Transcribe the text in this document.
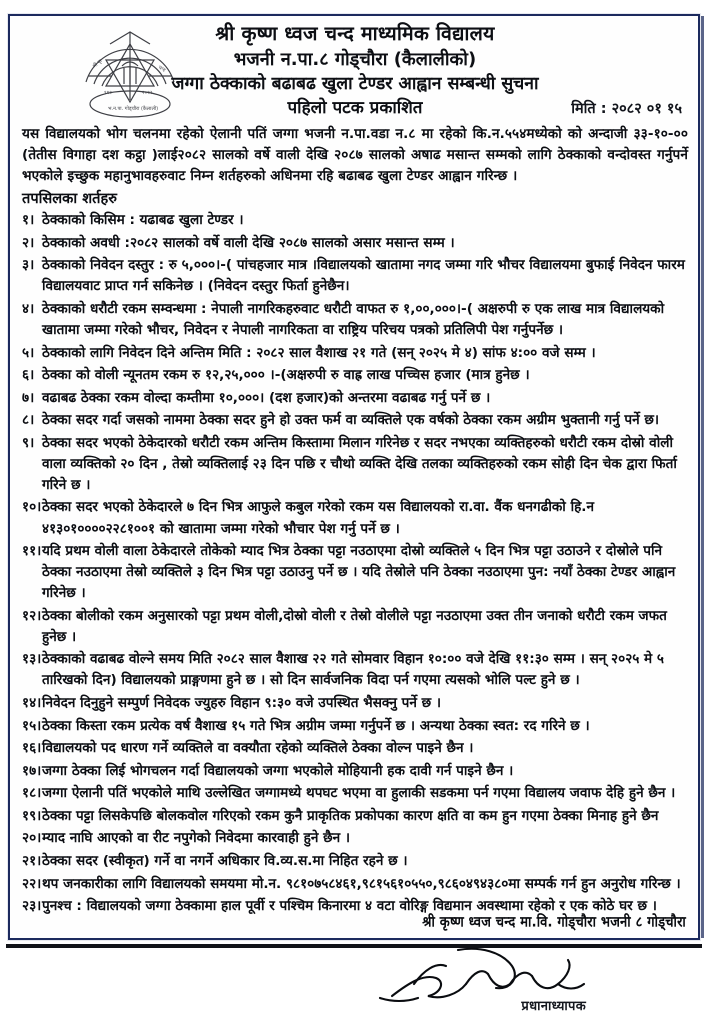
श्री कृ	चन्द
१९१	२०१२
भ.न.पा. गोड्चौरा (कैलाली)
श्री कृष्ण ध्वज चन्द माध्यमिक विद्यालय
भजनी न.पा.८ गोड्चौरा (कैलालीको)
जग्गा ठेक्काको बढाबढ खुला टेण्डर आह्वान सम्बन्धी सुचना
पहिलो पटक प्रकाशित	मिति : २०८२ ०१ १५

यस विद्यालयको भोग चलनमा रहेको ऐलानी पतिं जग्गा भजनी न.पा.वडा न.८ मा रहेको कि.न.५५४मध्येको को अन्दाजी ३३-१०-०० (तेतीस विगाहा दश कट्ठा )लाई२०८२ सालको वर्षे वाली देखि २०८७ सालको अषाढ मसान्त सम्मको लागि ठेक्काको वन्दोवस्त गर्नुपर्ने भएकोले इच्छुक महानुभावहरुवाट निम्न शर्तहरुको अधिनमा रहि बढाबढ खुला टेण्डर आह्वान गरिन्छ ।

तपसिलका शर्तहरु
१। ठेक्काको किसिम : यढाबढ खुला टेण्डर ।
२। ठेक्काको अवधी :२०८२ सालको वर्षे वाली देखि २०८७ सालको असार मसान्त सम्म ।
३। ठेक्काको निवेदन दस्तुर : रु ५,०००।-( पांचहजार मात्र ।विद्यालयको खातामा नगद जम्मा गरि भौचर विद्यालयमा बुफाई निवेदन फारम विद्यालयवाट प्राप्त गर्न सकिनेछ । (निवेदन दस्तुर फिर्ता हुनेछैन।
४। ठेक्काको धरौटी रकम सम्वन्धमा : नेपाली नागरिकहरुवाट धरौटी वाफत रु १,००,०००।-( अक्षरुपी रु एक लाख मात्र विद्यालयको खातामा जम्मा गरेको भौचर, निवेदन र नेपाली नागरिकता वा राष्ट्रिय परिचय पत्रको प्रतिलिपी पेश गर्नुपर्नेछ ।
५। ठेक्काको लागि निवेदन दिने अन्तिम मिति : २०८२ साल वैशाख २१ गते (सन् २०२५ मे ४) सांफ ४:०० वजे सम्म ।
६। ठेक्का को वोली न्यूनतम रकम रु १२,२५,००० ।-(अक्षरुपी रु वाह्र लाख पच्चिस हजार (मात्र हुनेछ ।
७। वढाबढ ठेक्का रकम वोल्दा कम्तीमा १०,०००। (दश हजार)को अन्तरमा वढाबढ गर्नु पर्ने छ ।
८। ठेक्का सदर गर्दा जसको नाममा ठेक्का सदर हुने हो उक्त फर्म वा व्यक्तिले एक वर्षको ठेक्का रकम अग्रीम भुक्तानी गर्नु पर्ने छ।
९। ठेक्का सदर भएको ठेकेदारको धरौटी रकम अन्तिम किस्तामा मिलान गरिनेछ र सदर नभएका व्यक्तिहरुको धरौटी रकम दोस्रो वोली वाला व्यक्तिको २० दिन , तेस्रो व्यक्तिलाई २३ दिन पछि र चौथो व्यक्ति देखि तलका व्यक्तिहरुको रकम सोही दिन चेक द्वारा फिर्ता गरिने छ ।
१०। ठेक्का सदर भएको ठेकेदारले ७ दिन भित्र आफुले कबुल गरेको रकम यस विद्यालयको रा.वा. वैंक धनगढीको हि.न ४१३०१००००२२८१००१ को खातामा जम्मा गरेको भौचार पेश गर्नु पर्ने छ ।
११। यदि प्रथम वोली वाला ठेकेदारले तोकेको म्याद भित्र ठेक्का पट्टा नउठाएमा दोस्रो व्यक्तिले ५ दिन भित्र पट्टा उठाउने र दोस्रोले पनि ठेक्का नउठाएमा तेस्रो व्यक्तिले ३ दिन भित्र पट्टा उठाउनु पर्ने छ । यदि तेस्रोले पनि ठेक्का नउठाएमा पुन: नयाँ ठेक्का टेण्डर आह्वान गरिनेछ ।
१२। ठेक्का बोलीको रकम अनुसारको पट्टा प्रथम वोली,दोस्रो वोली र तेस्रो वोलीले पट्टा नउठाएमा उक्त तीन जनाको धरौटी रकम जफत हुनेछ ।
१३। ठेक्काको वढाबढ वोल्ने समय मिति २०८२ साल वैशाख २२ गते सोमवार विहान १०:०० वजे देखि ११:३० सम्म । सन् २०२५ मे ५ तारिखको दिन) विद्यालयको प्राङ्गणमा हुने छ । सो दिन सार्वजनिक विदा पर्न गएमा त्यसको भोलि पल्ट हुने छ ।
१४। निवेदन दिनुहुने सम्पुर्ण निवेदक ज्युहरु विहान ९:३० वजे उपस्थित भैसक्नु पर्ने छ ।
१५। ठेक्का किस्ता रकम प्रत्येक वर्ष वैशाख १५ गते भित्र अग्रीम जम्मा गर्नुपर्ने छ । अन्यथा ठेक्का स्वत: रद गरिने छ ।
१६। विद्यालयको पद धारण गर्ने व्यक्तिले वा वक्यौता रहेको व्यक्तिले ठेक्का वोल्न पाइने छैन ।
१७। जग्गा ठेक्का लिई भोगचलन गर्दा विद्यालयको जग्गा भएकोले मोहियानी हक दावी गर्न पाइने छैन ।
१८। जग्गा ऐलानी पतिं भएकोले माथि उल्लेखित जग्गामध्ये थपघट भएमा वा हुलाकी सडकमा पर्न गएमा विद्यालय जवाफ देहि हुने छैन ।
१९। ठेक्का पट्टा लिसकेपछि बोलकवोल गरिएको रकम कुनै प्राकृतिक प्रकोपका कारण क्षति वा कम हुन गएमा ठेक्का मिनाह हुने छैन
२०। म्याद नाघि आएको वा रीट नपुगेको निवेदमा कारवाही हुने छैन ।
२१। ठेक्का सदर (स्वीकृत) गर्ने वा नगर्ने अधिकार वि.व्य.स.मा निहित रहने छ ।
२२। थप जनकारीका लागि विद्यालयको समयमा मो.न. ९८१०७५८४६१,९८१५६१०५५०,९८६०४९४३८०मा सम्पर्क गर्न हुन अनुरोध गरिन्छ ।
२३। पुनश्च : विद्यालयको जग्गा ठेक्कामा हाल पूर्वी र पश्चिम किनारमा ४ वटा वोरिङ्ग विद्यमान अवस्थामा रहेको र एक कोठे घर छ ।
श्री कृष्ण ध्वज चन्द मा.वि. गोड्चौरा भजनी ८ गोड्चौरा
प्रधानाध्यापक
